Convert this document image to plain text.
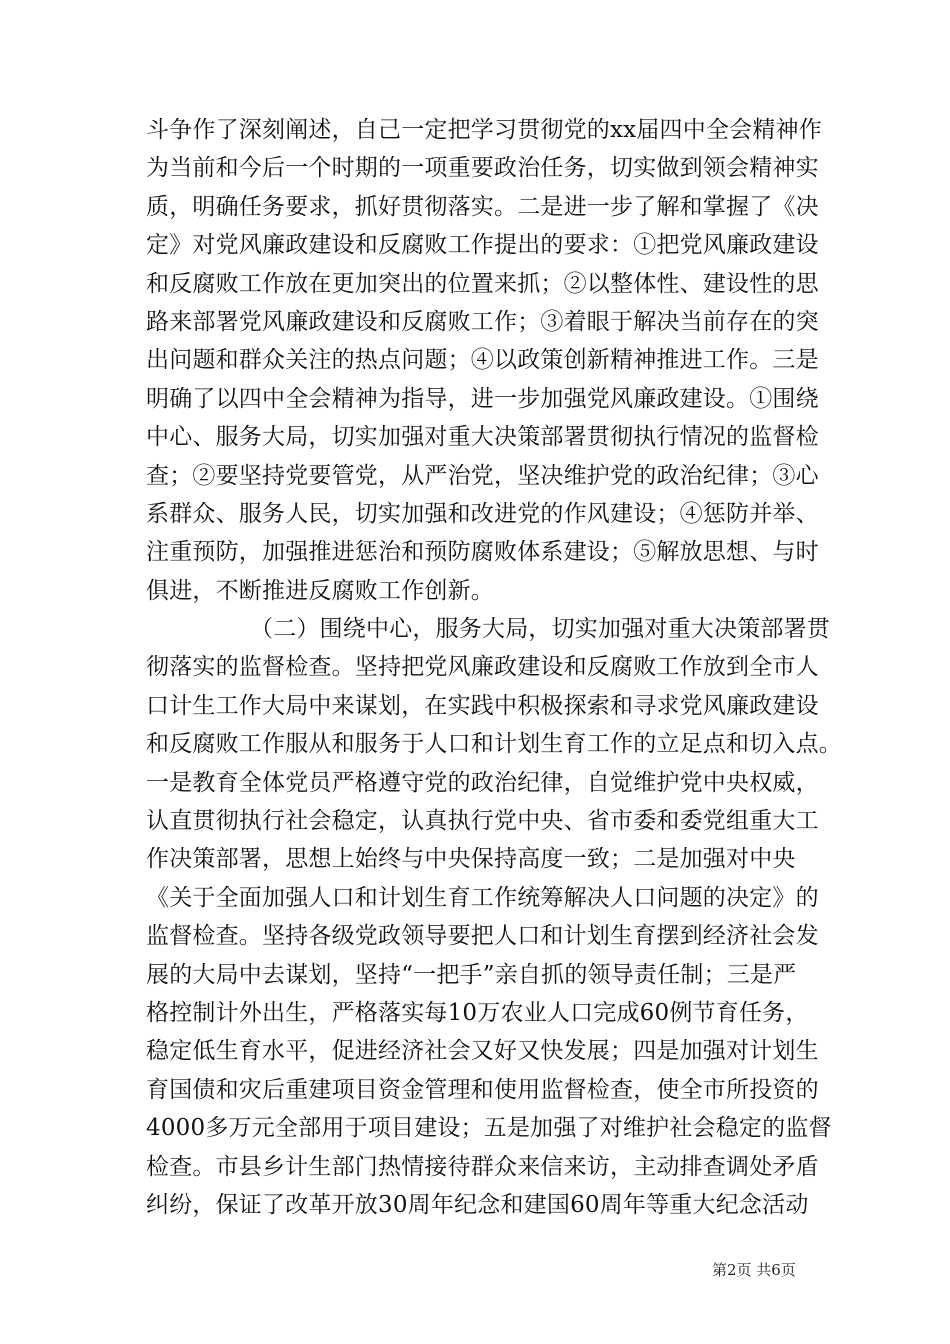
斗争作了深刻阐述，自己一定把学习贯彻党的xx届四中全会精神作
为当前和今后一个时期的一项重要政治任务，切实做到领会精神实
质，明确任务要求，抓好贯彻落实。二是进一步了解和掌握了《决
定》对党风廉政建设和反腐败工作提出的要求：①把党风廉政建设
和反腐败工作放在更加突出的位置来抓；②以整体性、建设性的思
路来部署党风廉政建设和反腐败工作；③着眼于解决当前存在的突
出问题和群众关注的热点问题；④以政策创新精神推进工作。三是
明确了以四中全会精神为指导，进一步加强党风廉政建设。①围绕
中心、服务大局，切实加强对重大决策部署贯彻执行情况的监督检
查；②要坚持党要管党，从严治党，坚决维护党的政治纪律；③心
系群众、服务人民，切实加强和改进党的作风建设；④惩防并举、
注重预防，加强推进惩治和预防腐败体系建设；⑤解放思想、与时
俱进，不断推进反腐败工作创新。
（二）围绕中心，服务大局，切实加强对重大决策部署贯
彻落实的监督检查。坚持把党风廉政建设和反腐败工作放到全市人
口计生工作大局中来谋划，在实践中积极探索和寻求党风廉政建设
和反腐败工作服从和服务于人口和计划生育工作的立足点和切入点。
一是教育全体党员严格遵守党的政治纪律，自觉维护党中央权威，
认直贯彻执行社会稳定，认真执行党中央、省市委和委党组重大工
作决策部署，思想上始终与中央保持高度一致；二是加强对中央
《关于全面加强人口和计划生育工作统筹解决人口问题的决定》的
监督检查。坚持各级党政领导要把人口和计划生育摆到经济社会发
展的大局中去谋划，坚持“一把手”亲自抓的领导责任制；三是严
格控制计外出生，严格落实每10万农业人口完成60例节育任务，
稳定低生育水平，促进经济社会又好又快发展；四是加强对计划生
育国债和灾后重建项目资金管理和使用监督检查，使全市所投资的
4000多万元全部用于项目建设；五是加强了对维护社会稳定的监督
检查。市县乡计生部门热情接待群众来信来访，主动排查调处矛盾
纠纷，保证了改革开放30周年纪念和建国60周年等重大纪念活动
第2页 共6页
